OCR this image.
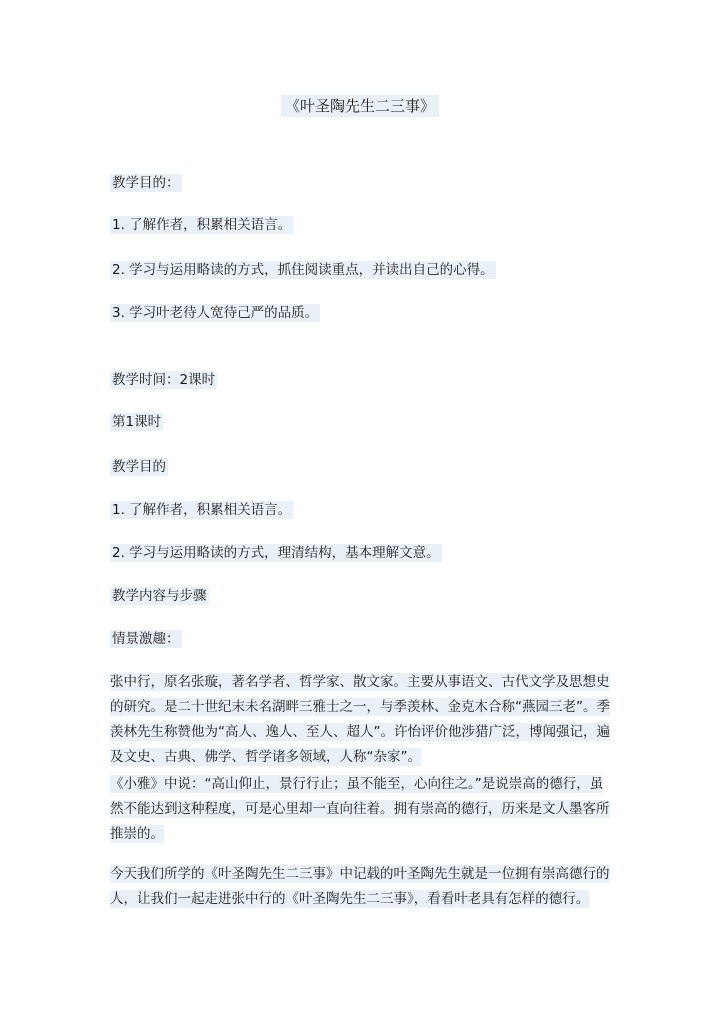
《叶圣陶先生二三事》
教学目的：
1. 了解作者，积累相关语言。
2. 学习与运用略读的方式，抓住阅读重点，并读出自己的心得。
3. 学习叶老待人宽待己严的品质。
教学时间：2课时
第1课时
教学目的
1. 了解作者，积累相关语言。
2. 学习与运用略读的方式，理清结构，基本理解文意。
教学内容与步骤
情景激趣：
张中行，原名张璇，著名学者、哲学家、散文家。主要从事语文、古代文学及思想史的研究。是二十世纪末未名湖畔三雅士之一，与季羡林、金克木合称“燕园三老”。季羡林先生称赞他为“高人、逸人、至人、超人”。许怡评价他涉猎广泛，博闻强记，遍及文史、古典、佛学、哲学诸多领域，人称“杂家”。
《小雅》中说：“高山仰止，景行行止；虽不能至，心向往之。”是说崇高的德行，虽然不能达到这种程度，可是心里却一直向往着。拥有崇高的德行，历来是文人墨客所推崇的。
今天我们所学的《叶圣陶先生二三事》中记载的叶圣陶先生就是一位拥有崇高德行的人，让我们一起走进张中行的《叶圣陶先生二三事》，看看叶老具有怎样的德行。
